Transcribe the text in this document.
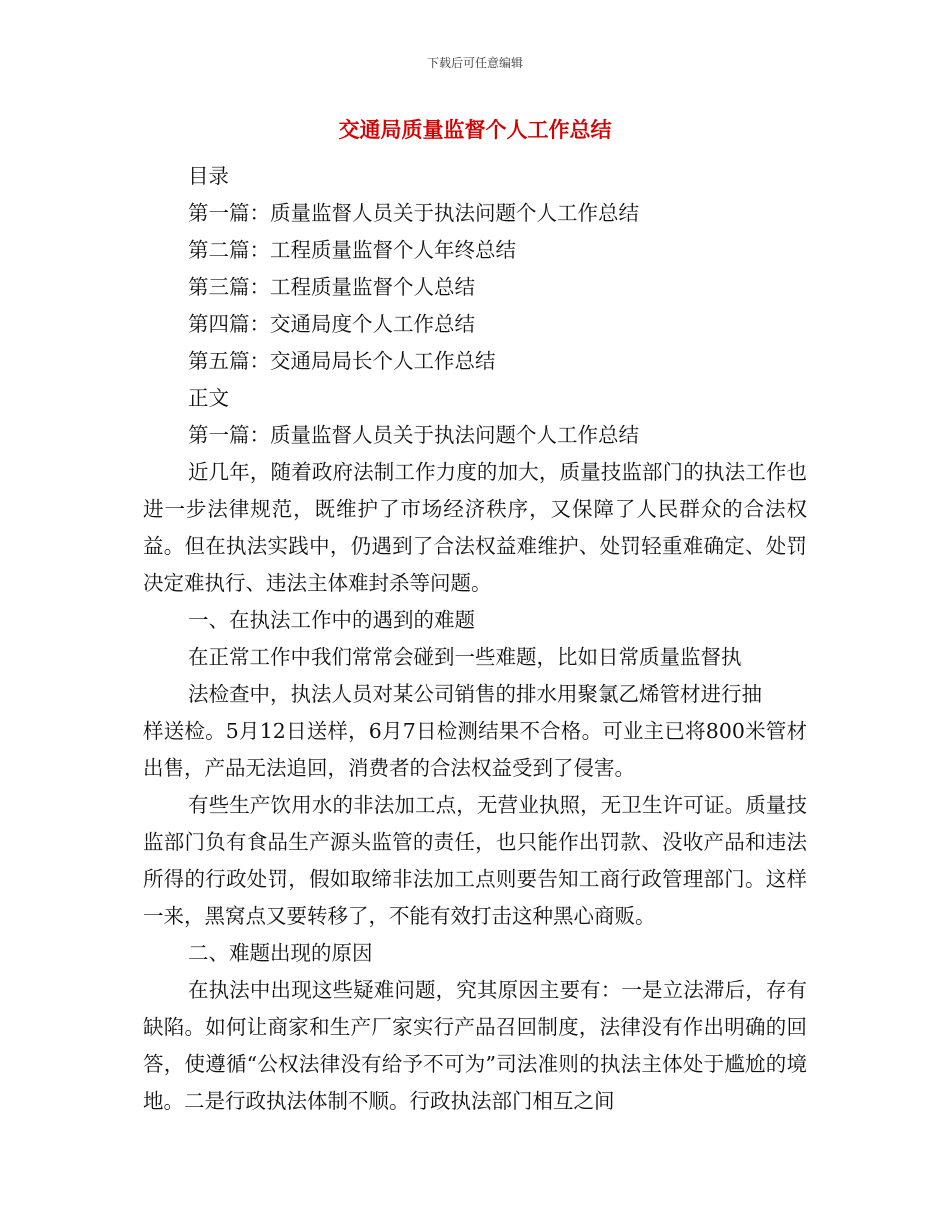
下载后可任意编辑
交通局质量监督个人工作总结
目录
第一篇：质量监督人员关于执法问题个人工作总结
第二篇：工程质量监督个人年终总结
第三篇：工程质量监督个人总结
第四篇：交通局度个人工作总结
第五篇：交通局局长个人工作总结
正文
第一篇：质量监督人员关于执法问题个人工作总结
近几年，随着政府法制工作力度的加大，质量技监部门的执法工作也进一步法律规范，既维护了市场经济秩序，又保障了人民群众的合法权益。但在执法实践中，仍遇到了合法权益难维护、处罚轻重难确定、处罚决定难执行、违法主体难封杀等问题。
一、在执法工作中的遇到的难题
在正常工作中我们常常会碰到一些难题，比如日常质量监督执
法检查中，执法人员对某公司销售的排水用聚氯乙烯管材进行抽
样送检。5月12日送样，6月7日检测结果不合格。可业主已将800米管材出售，产品无法追回，消费者的合法权益受到了侵害。
有些生产饮用水的非法加工点，无营业执照，无卫生许可证。质量技监部门负有食品生产源头监管的责任，也只能作出罚款、没收产品和违法所得的行政处罚，假如取缔非法加工点则要告知工商行政管理部门。这样一来，黑窝点又要转移了，不能有效打击这种黑心商贩。
二、难题出现的原因
在执法中出现这些疑难问题，究其原因主要有：一是立法滞后，存有缺陷。如何让商家和生产厂家实行产品召回制度，法律没有作出明确的回答，使遵循“公权法律没有给予不可为”司法准则的执法主体处于尴尬的境地。二是行政执法体制不顺。行政执法部门相互之间
